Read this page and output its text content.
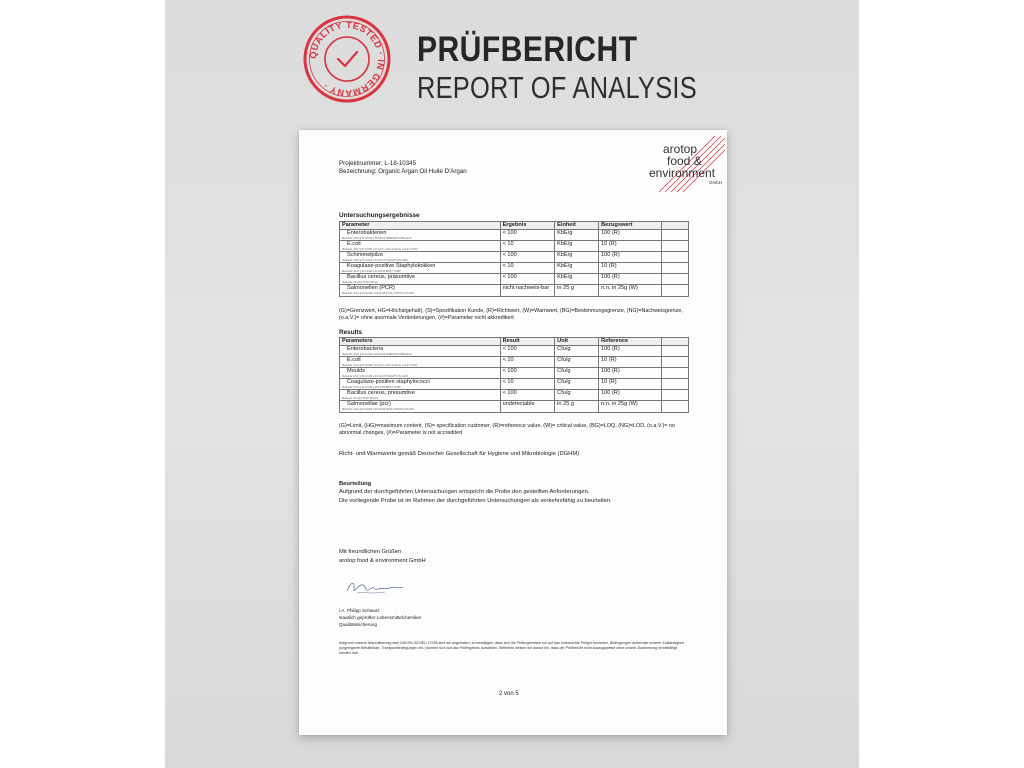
QUALITY TESTED · IN GERMANY ·
PRÜFBERICHT
REPORT OF ANALYSIS
arotop
food &
environment
GmbH
Projektnummer: L-18-10345
Bezeichnung: Organic Argan Oil Huile D'Argan
Untersuchungsergebnisse
Parameter	Ergebnis	Einheit	Bezugswert	

Enterobakterien
Methode: ASU § 64 LFGB L 06.00-24 VRBDGB°C/48h/aerob	< 100	KbE/g	100 (R)	

E.coli
Methode: ASU § 64 LFGB L 01.00-3, mod. Rapid E. coli 37°C/24h	< 10	KbE/g	10 (R)	

Schimmelpilze
Methode: ASU § 64 LFGB L 01.00-37/YGC/25°C/72-120h	< 100	KbE/g	100 (R)	

Koagulase-positive Staphylokokken
Methode: ASU § 64 LFGB L 00.00-55 BP/37°C/48h	< 10	KbE/g	10 (R)	

Bacillus cereus, präsumtive
Methode: 94 a(b) 00.00-25mod	< 100	KbE/g	100 (R)	

Salmonellen (PCR)
Methode: ASU § 64 LFGB L 00.00-98 (PCR); PW/37°C/16-22h	nicht nachweis-bar	in 25 g	n.n. in 25g (W)	
(G)=Grenzwert, HG=Höchstgehalt), (S)=Spezifikation Kunde, (R)=Richtwert, (W)=Warnwert, (BG)=Bestimmungsgrenze, (NG)=Nachweisgrenze, (o.a.V.)= ohne anormale Veränderungen, (#)=Parameter nicht akkreditiert
Results
Parameters	Result	Unit	Reference	

Enterobacteria
Methode: ASU § 64 LFGB L 06.00-24 VRBDGB°C/48h/aerob	< 100	Cfu/g	100 (R)	

E.coli
Methode: ASU § 64 LFGB L 01.00-3, mod. Rapid E. coli 37°C/24h	< 10	Cfu/g	10 (R)	

Moulds
Methode: ASU § 64 LFGB L 01.00-37/YGC/25°C/72-120h	< 100	Cfu/g	100 (R)	

Coagulase-positive staphylococci
Methode: ASU § 64 LFGB L 00.00-55 BP/37°C/48h	< 10	Cfu/g	10 (R)	

Bacillus cereus, presumtive
Methode: 94 a(b) 00.00-25mod	< 100	Cfu/g	100 (R)	

Salmonellae (pcr)
Methode: ASU § 64 LFGB L 00.00-98 (PCR); PW/37°C/16-22h	undetectable	in 25 g	n.n. in 25g (W)	
(G)=Limit, (HG)=maximum content, (S)= specification customer, (R)=reference value, (W)= critical value, (BG)=LOQ, (NG)=LOD, (o.a.V.)= no abnormal changes, (#)=Parameter is not accredited
Richt- und Warmwerte gemäß Deutscher Gesellschaft für Hygiene und Mikrobiologie (DGHM)
Beurteilung
Aufgrund der durchgeführten Untersuchungen entspricht die Probe den gestellten Anforderungen.
Die vorliegende Probe ist im Rahmen der durchgeführten Untersuchungen als verkehrsfähig zu beurteilen.
Mit freundlichen Grüßen
arotop food & environment GmbH
i.A. Philipp Schwarz
staatlich geprüfter Lebensmittelchemiker
Qualitätssicherung
Aufgrund unserer Akkreditierung nach DIN EN ISO/IEC 17025 sind wir angehalten, zu bestätigen, dass sich die Prüfergebnisse nur auf das untersuchte Prüfgut beziehen. Bedingungen außerhalb unserer Zuständigkeit (ungeeignete Behältnisse, Transportbedingungen etc.) können sich auf das Prüfergebnis auswirken. Weiterhin weisen wir darauf hin, dass der Prüfbericht nicht auszugsweise ohne unsere Zustimmung vervielfältigt werden darf.
2 von 5
